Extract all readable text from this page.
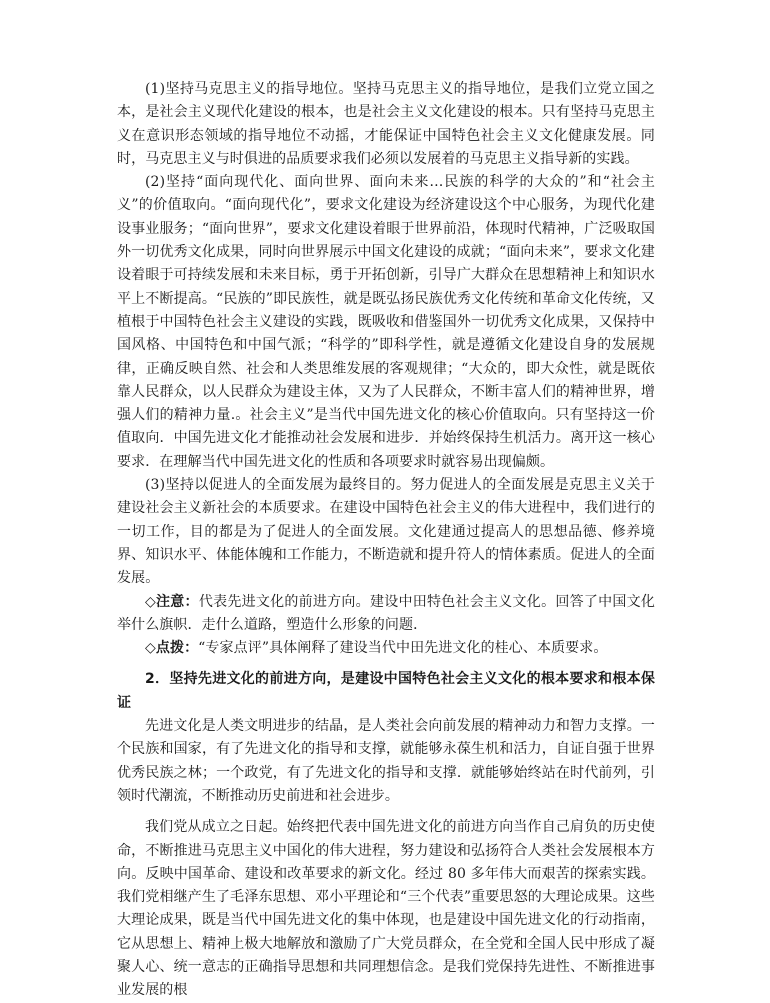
(1)坚持马克思主义的指导地位。坚持马克思主义的指导地位，是我们立党立国之本，是社会主义现代化建设的根本，也是社会主义文化建设的根本。只有坚持马克思主义在意识形态领域的指导地位不动摇，才能保证中国特色社会主义文化健康发展。同时，马克思主义与时俱进的品质要求我们必须以发展着的马克思主义指导新的实践。

(2)坚持“面向现代化、面向世界、面向未来…民族的科学的大众的”和“社会主义”的价值取向。“面向现代化”，要求文化建设为经济建设这个中心服务，为现代化建设事业服务；“面向世界”，要求文化建设着眼于世界前沿，体现时代精神，广泛吸取国外一切优秀文化成果，同时向世界展示中国文化建设的成就；“面向未来”，要求文化建设着眼于可持续发展和未来目标，勇于开拓创新，引导广大群众在思想精神上和知识水平上不断提高。“民族的”即民族性，就是既弘扬民族优秀文化传统和革命文化传统，又植根于中国特色社会主义建设的实践，既吸收和借鉴国外一切优秀文化成果，又保持中国风格、中国特色和中国气派；“科学的”即科学性，就是遵循文化建设自身的发展规律，正确反映自然、社会和人类思维发展的客观规律；“大众的，即大众性，就是既依靠人民群众，以人民群众为建设主体，又为了人民群众，不断丰富人们的精神世界，增强人们的精神力量.。社会主义”是当代中国先进文化的核心价值取向。只有坚持这一价值取向．中国先进文化才能推动社会发展和进步．并始终保持生机活力。离开这一核心要求．在理解当代中国先进文化的性质和各项要求时就容易出现偏颇。

(3)坚持以促进人的全面发展为最终目的。努力促进人的全面发展是克思主义关于建设社会主义新社会的本质要求。在建设中国特色社会主义的伟大进程中，我们进行的一切工作，目的都是为了促进人的全面发展。文化建通过提高人的思想品德、修养境界、知识水平、体能体魄和工作能力，不断造就和提升符人的情体素质。促进人的全面发展。

◇注意：代表先进文化的前进方向。建设中田特色社会主义文化。回答了中国文化举什么旗帜．走什么道路，塑造什么形象的问题．

◇点拨：“专家点评”具体阐释了建设当代中田先进文化的桂心、本质要求。

2．坚持先进文化的前进方向，是建设中国特色社会主义文化的根本要求和根本保证

先进文化是人类文明进步的结晶，是人类社会向前发展的精神动力和智力支撑。一个民族和国家，有了先进文化的指导和支撑，就能够永葆生机和活力，自证自强于世界优秀民族之林；一个政党，有了先进文化的指导和支撑．就能够始终站在时代前列，引领时代潮流，不断推动历史前进和社会进步。

我们党从成立之日起。始终把代表中国先进文化的前进方向当作自己肩负的历史使命，不断推进马克思主义中国化的伟大进程，努力建设和弘扬符合人类社会发展根本方向。反映中国革命、建设和改革要求的新文化。经过 80 多年伟大而艰苦的探索实践。我们党相继产生了毛泽东思想、邓小平理论和“三个代表”重要思怒的大理论成果。这些大理论成果，既是当代中国先进文化的集中体现，也是建设中国先进文化的行动指南，它从思想上、精神上极大地解放和激励了广大党员群众，在全党和全国人民中形成了凝聚人心、统一意志的正确指导思想和共同理想信念。是我们党保持先进性、不断推进事业发展的根
